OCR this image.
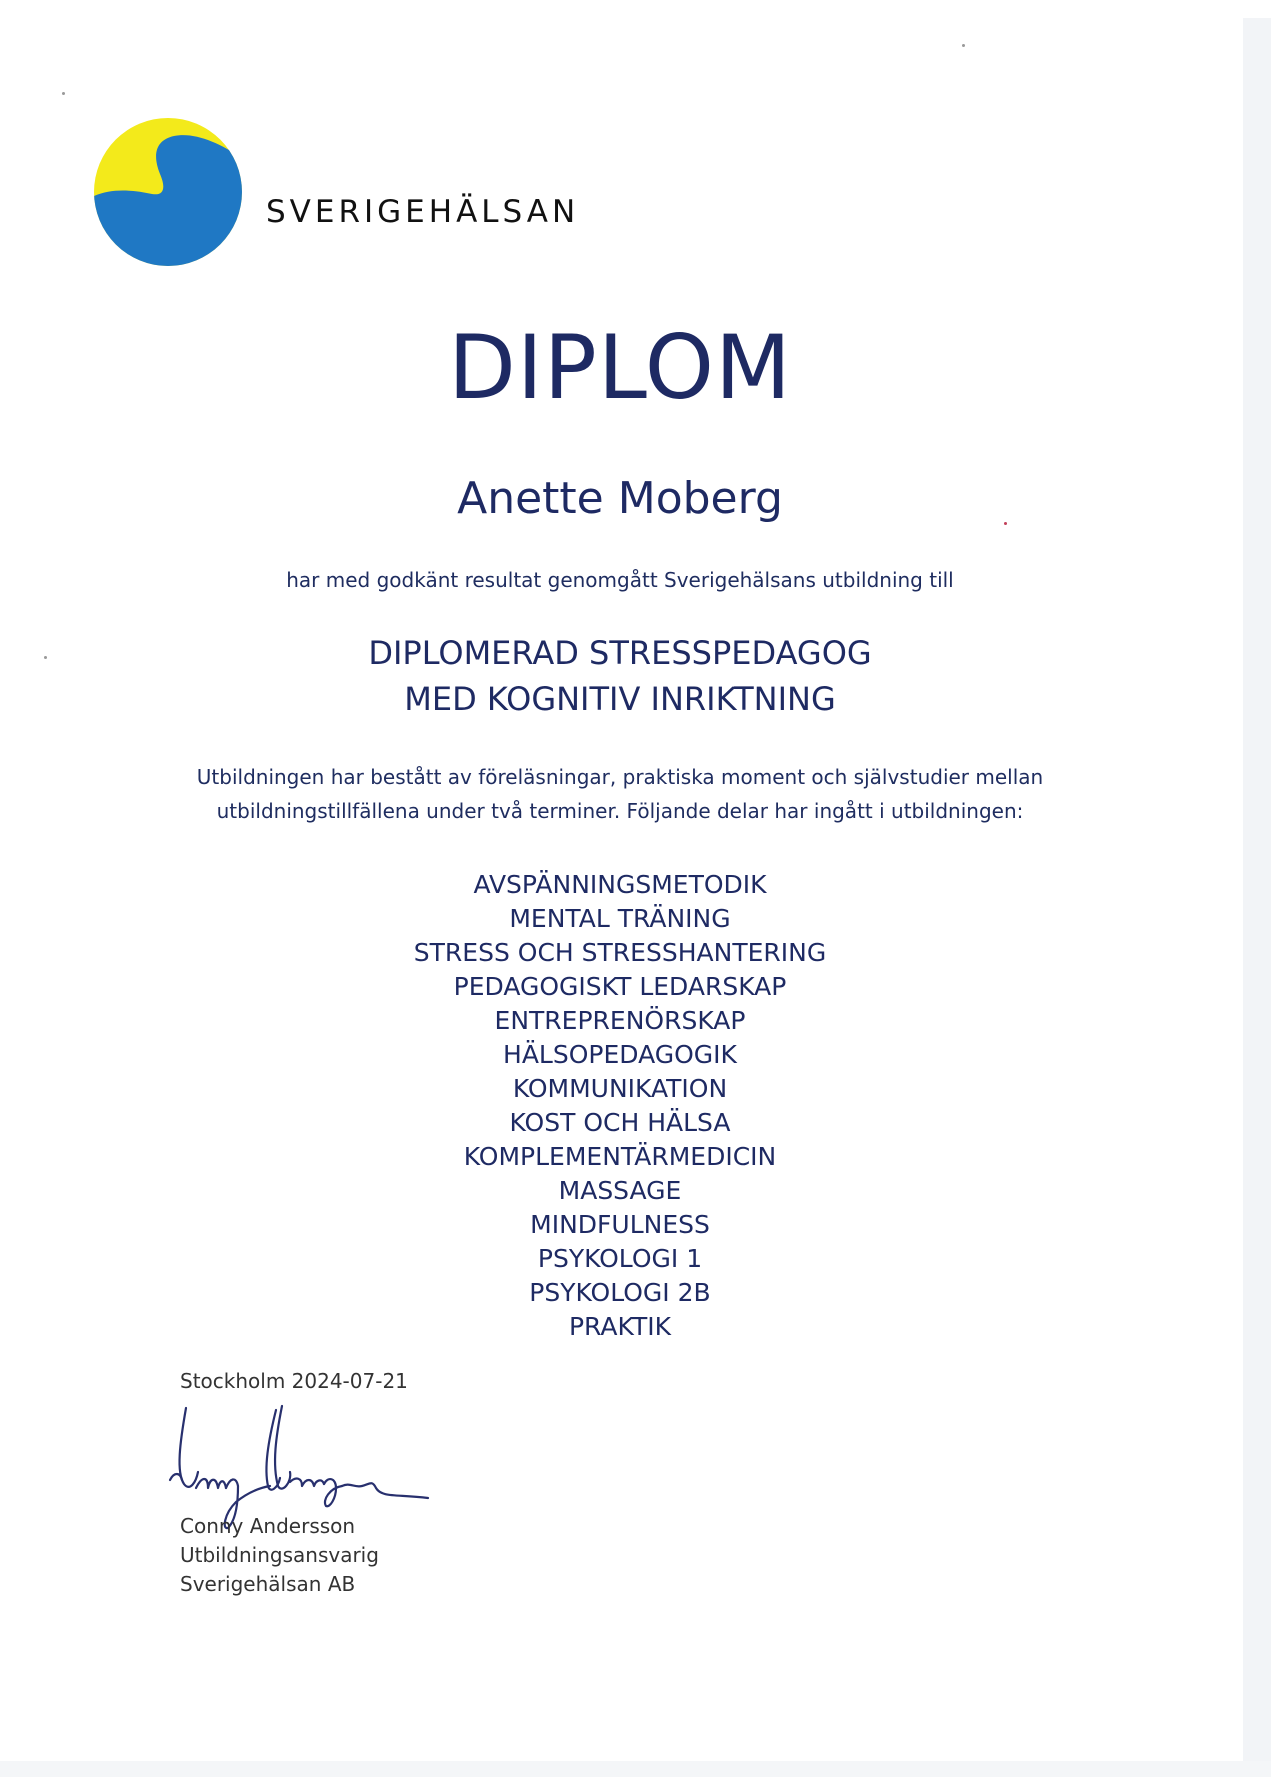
SVERIGEHÄLSAN
DIPLOM
Anette Moberg
har med godkänt resultat genomgått Sverigehälsans utbildning till
DIPLOMERAD STRESSPEDAGOG
MED KOGNITIV INRIKTNING
Utbildningen har bestått av föreläsningar, praktiska moment och självstudier mellan
utbildningstillfällena under två terminer. Följande delar har ingått i utbildningen:
AVSPÄNNINGSMETODIK
MENTAL TRÄNING
STRESS OCH STRESSHANTERING
PEDAGOGISKT LEDARSKAP
ENTREPRENÖRSKAP
HÄLSOPEDAGOGIK
KOMMUNIKATION
KOST OCH HÄLSA
KOMPLEMENTÄRMEDICIN
MASSAGE
MINDFULNESS
PSYKOLOGI 1
PSYKOLOGI 2B
PRAKTIK
Stockholm 2024-07-21
Conny Andersson
Utbildningsansvarig
Sverigehälsan AB
